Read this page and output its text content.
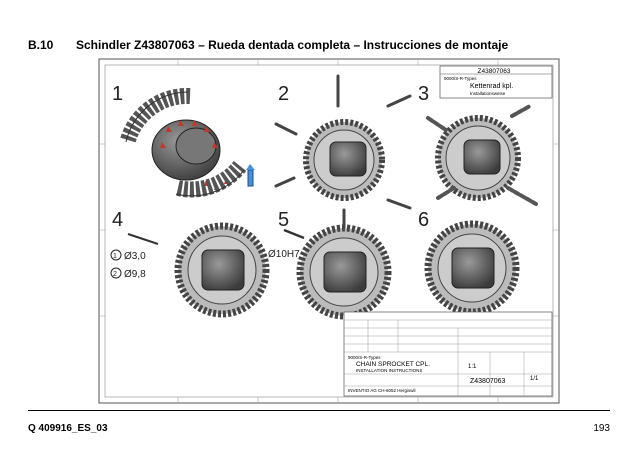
B.10 Schindler Z43807063 – Rueda dentada completa – Instrucciones de montaje
1	2	3
4	5	6
1 Ø3,0
2 Ø9,8
Ø10H7
Z43807063
9000/S-R-Types
Kettenrad kpl.
Installationsweise
9000/S-R-Types
CHAIN SPROCKET CPL.
INSTALLATION INSTRUCTIONS
1:1
1/1
INVENTIO AG CH-6052 Hergiswil
Z43807063
Q 409916_ES_03	193
